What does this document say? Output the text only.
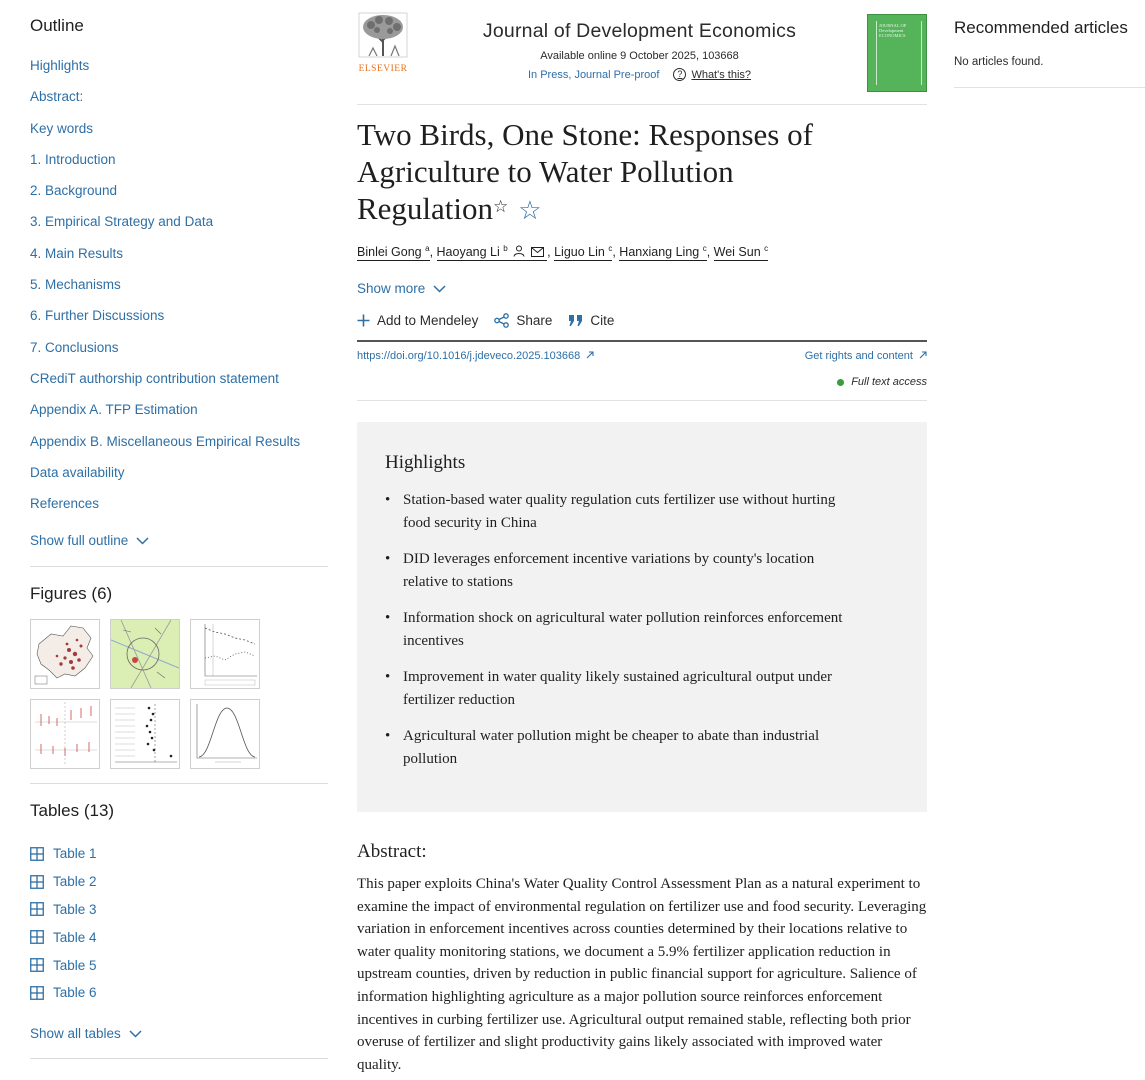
Outline
Highlights
Abstract:
Key words
1. Introduction
2. Background
3. Empirical Strategy and Data
4. Main Results
5. Mechanisms
6. Further Discussions
7. Conclusions
CRediT authorship contribution statement
Appendix A. TFP Estimation
Appendix B. Miscellaneous Empirical Results
Data availability
References
Show full outline
Figures (6)
Tables (13)
Table 1
Table 2
Table 3
Table 4
Table 5
Table 6
Show all tables
ELSEVIER
Journal of Development Economics
Available online 9 October 2025, 103668
In Press, Journal Pre-proof	? What's this?
JOURNAL OF Development ECONOMICS
Two Birds, One Stone: Responses of Agriculture to Water Pollution Regulation☆ ☆
Binlei Gong $^a$, Haoyang Li $^b$	, Liguo Lin $^c$, Hanxiang Ling $^c$, Wei Sun $^c$
Show more
Add to Mendeley	Share	Cite
https://doi.org/10.1016/j.jdeveco.2025.103668	Get rights and content
Full text access
Highlights
• Station-based water quality regulation cuts fertilizer use without hurting food security in China
• DID leverages enforcement incentive variations by county's location relative to stations
• Information shock on agricultural water pollution reinforces enforcement incentives
• Improvement in water quality likely sustained agricultural output under fertilizer reduction
• Agricultural water pollution might be cheaper to abate than industrial pollution
Abstract:

This paper exploits China's Water Quality Control Assessment Plan as a natural experiment to examine the impact of environmental regulation on fertilizer use and food security. Leveraging variation in enforcement incentives across counties determined by their locations relative to water quality monitoring stations, we document a 5.9% fertilizer application reduction in upstream counties, driven by reduction in public financial support for agriculture. Salience of information highlighting agriculture as a major pollution source reinforces enforcement incentives in curbing fertilizer use. Agricultural output remained stable, reflecting both prior overuse of fertilizer and slight productivity gains likely associated with improved water quality.

Recommended articles
No articles found.
